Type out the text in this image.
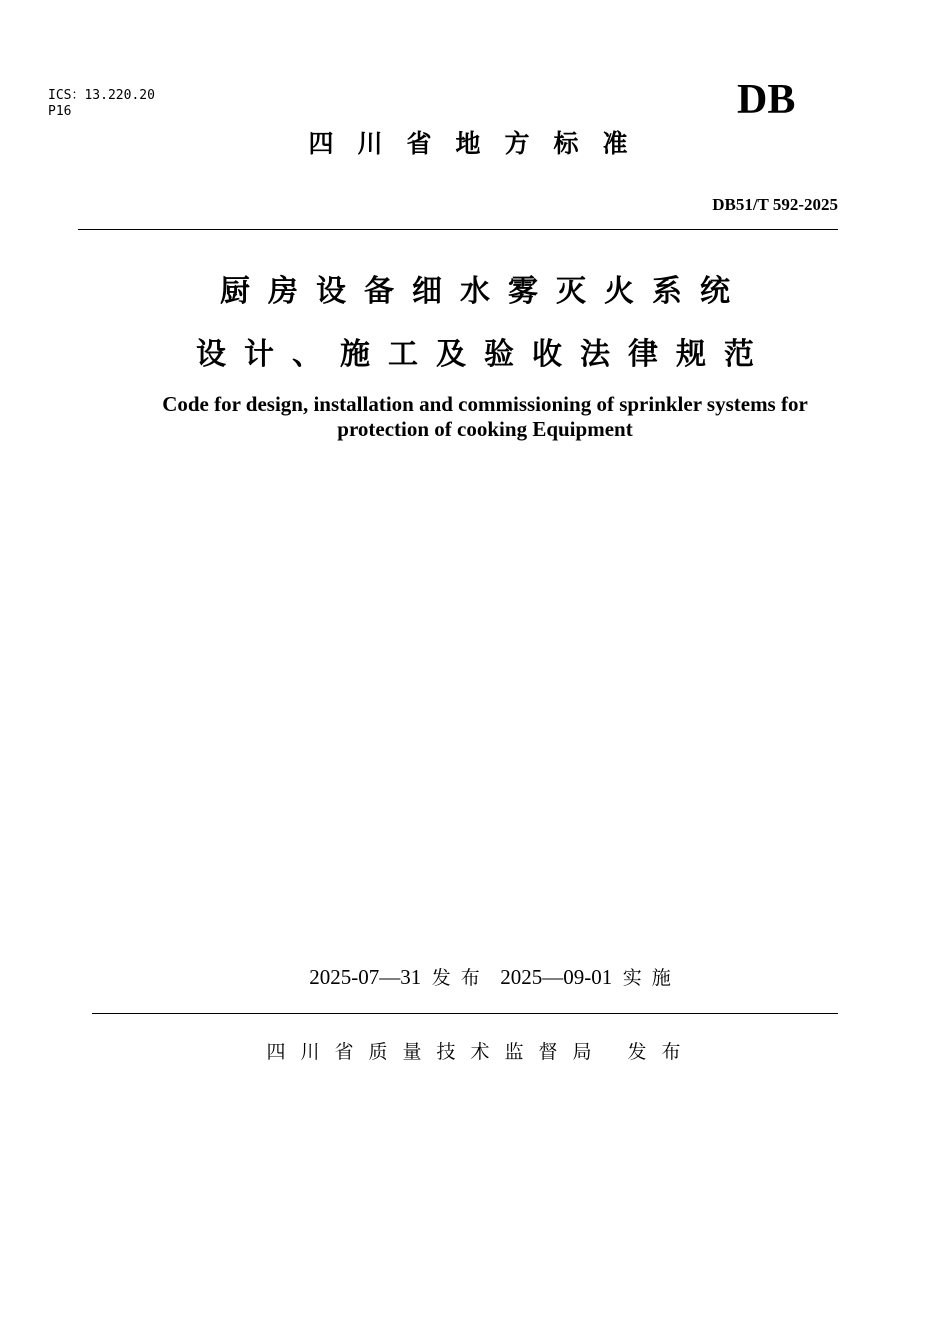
ICS：13.220.20
P16	DB
四川省地方标准
DB51/T 592-2025
厨房设备细水雾灭火系统
设计、施工及验收法律规范
Code for design, installation and commissioning of sprinkler systems for protection of cooking Equipment
2025-07—31 发布 2025—09-01 实施
四川省质量技术监督局 发布
